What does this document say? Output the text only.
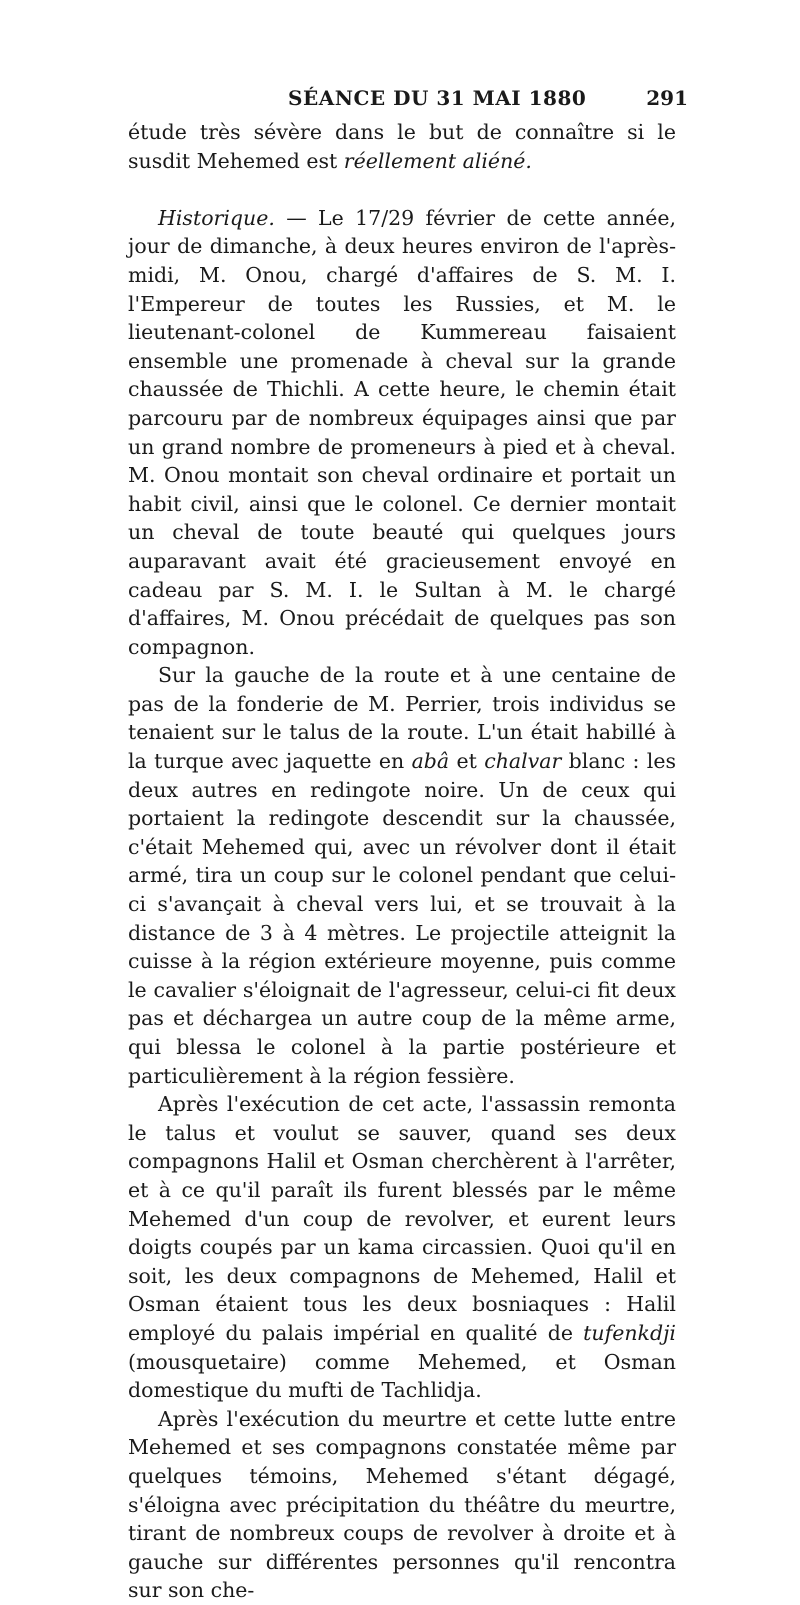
SÉANCE DU 31 MAI 1880	291

étude très sévère dans le but de connaître si le susdit Mehemed est réellement aliéné.

Historique. — Le 17/29 février de cette année, jour de dimanche, à deux heures environ de l'après-midi, M. Onou, chargé d'affaires de S. M. I. l'Empereur de toutes les Russies, et M. le lieutenant-colonel de Kummereau faisaient ensemble une promenade à cheval sur la grande chaussée de Thichli. A cette heure, le chemin était parcouru par de nombreux équipages ainsi que par un grand nombre de promeneurs à pied et à cheval. M. Onou montait son cheval ordinaire et portait un habit civil, ainsi que le colonel. Ce dernier montait un cheval de toute beauté qui quelques jours auparavant avait été gracieusement envoyé en cadeau par S. M. I. le Sultan à M. le chargé d'affaires, M. Onou précédait de quelques pas son compagnon.

Sur la gauche de la route et à une centaine de pas de la fonderie de M. Perrier, trois individus se tenaient sur le talus de la route. L'un était habillé à la turque avec jaquette en abâ et chalvar blanc : les deux autres en redingote noire. Un de ceux qui portaient la redingote descendit sur la chaussée, c'était Mehemed qui, avec un révolver dont il était armé, tira un coup sur le colonel pendant que celui-ci s'avançait à cheval vers lui, et se trouvait à la distance de 3 à 4 mètres. Le projectile atteignit la cuisse à la région extérieure moyenne, puis comme le cavalier s'éloignait de l'agresseur, celui-ci fit deux pas et déchargea un autre coup de la même arme, qui blessa le colonel à la partie postérieure et particulièrement à la région fessière.

Après l'exécution de cet acte, l'assassin remonta le talus et voulut se sauver, quand ses deux compagnons Halil et Osman cherchèrent à l'arrêter, et à ce qu'il paraît ils furent blessés par le même Mehemed d'un coup de revolver, et eurent leurs doigts coupés par un kama circassien. Quoi qu'il en soit, les deux compagnons de Mehemed, Halil et Osman étaient tous les deux bosniaques : Halil employé du palais impérial en qualité de tufenkdji (mousquetaire) comme Mehemed, et Osman domestique du mufti de Tachlidja.

Après l'exécution du meurtre et cette lutte entre Mehemed et ses compagnons constatée même par quelques témoins, Mehemed s'étant dégagé, s'éloigna avec précipitation du théâtre du meurtre, tirant de nombreux coups de revolver à droite et à gauche sur différentes personnes qu'il rencontra sur son che-
